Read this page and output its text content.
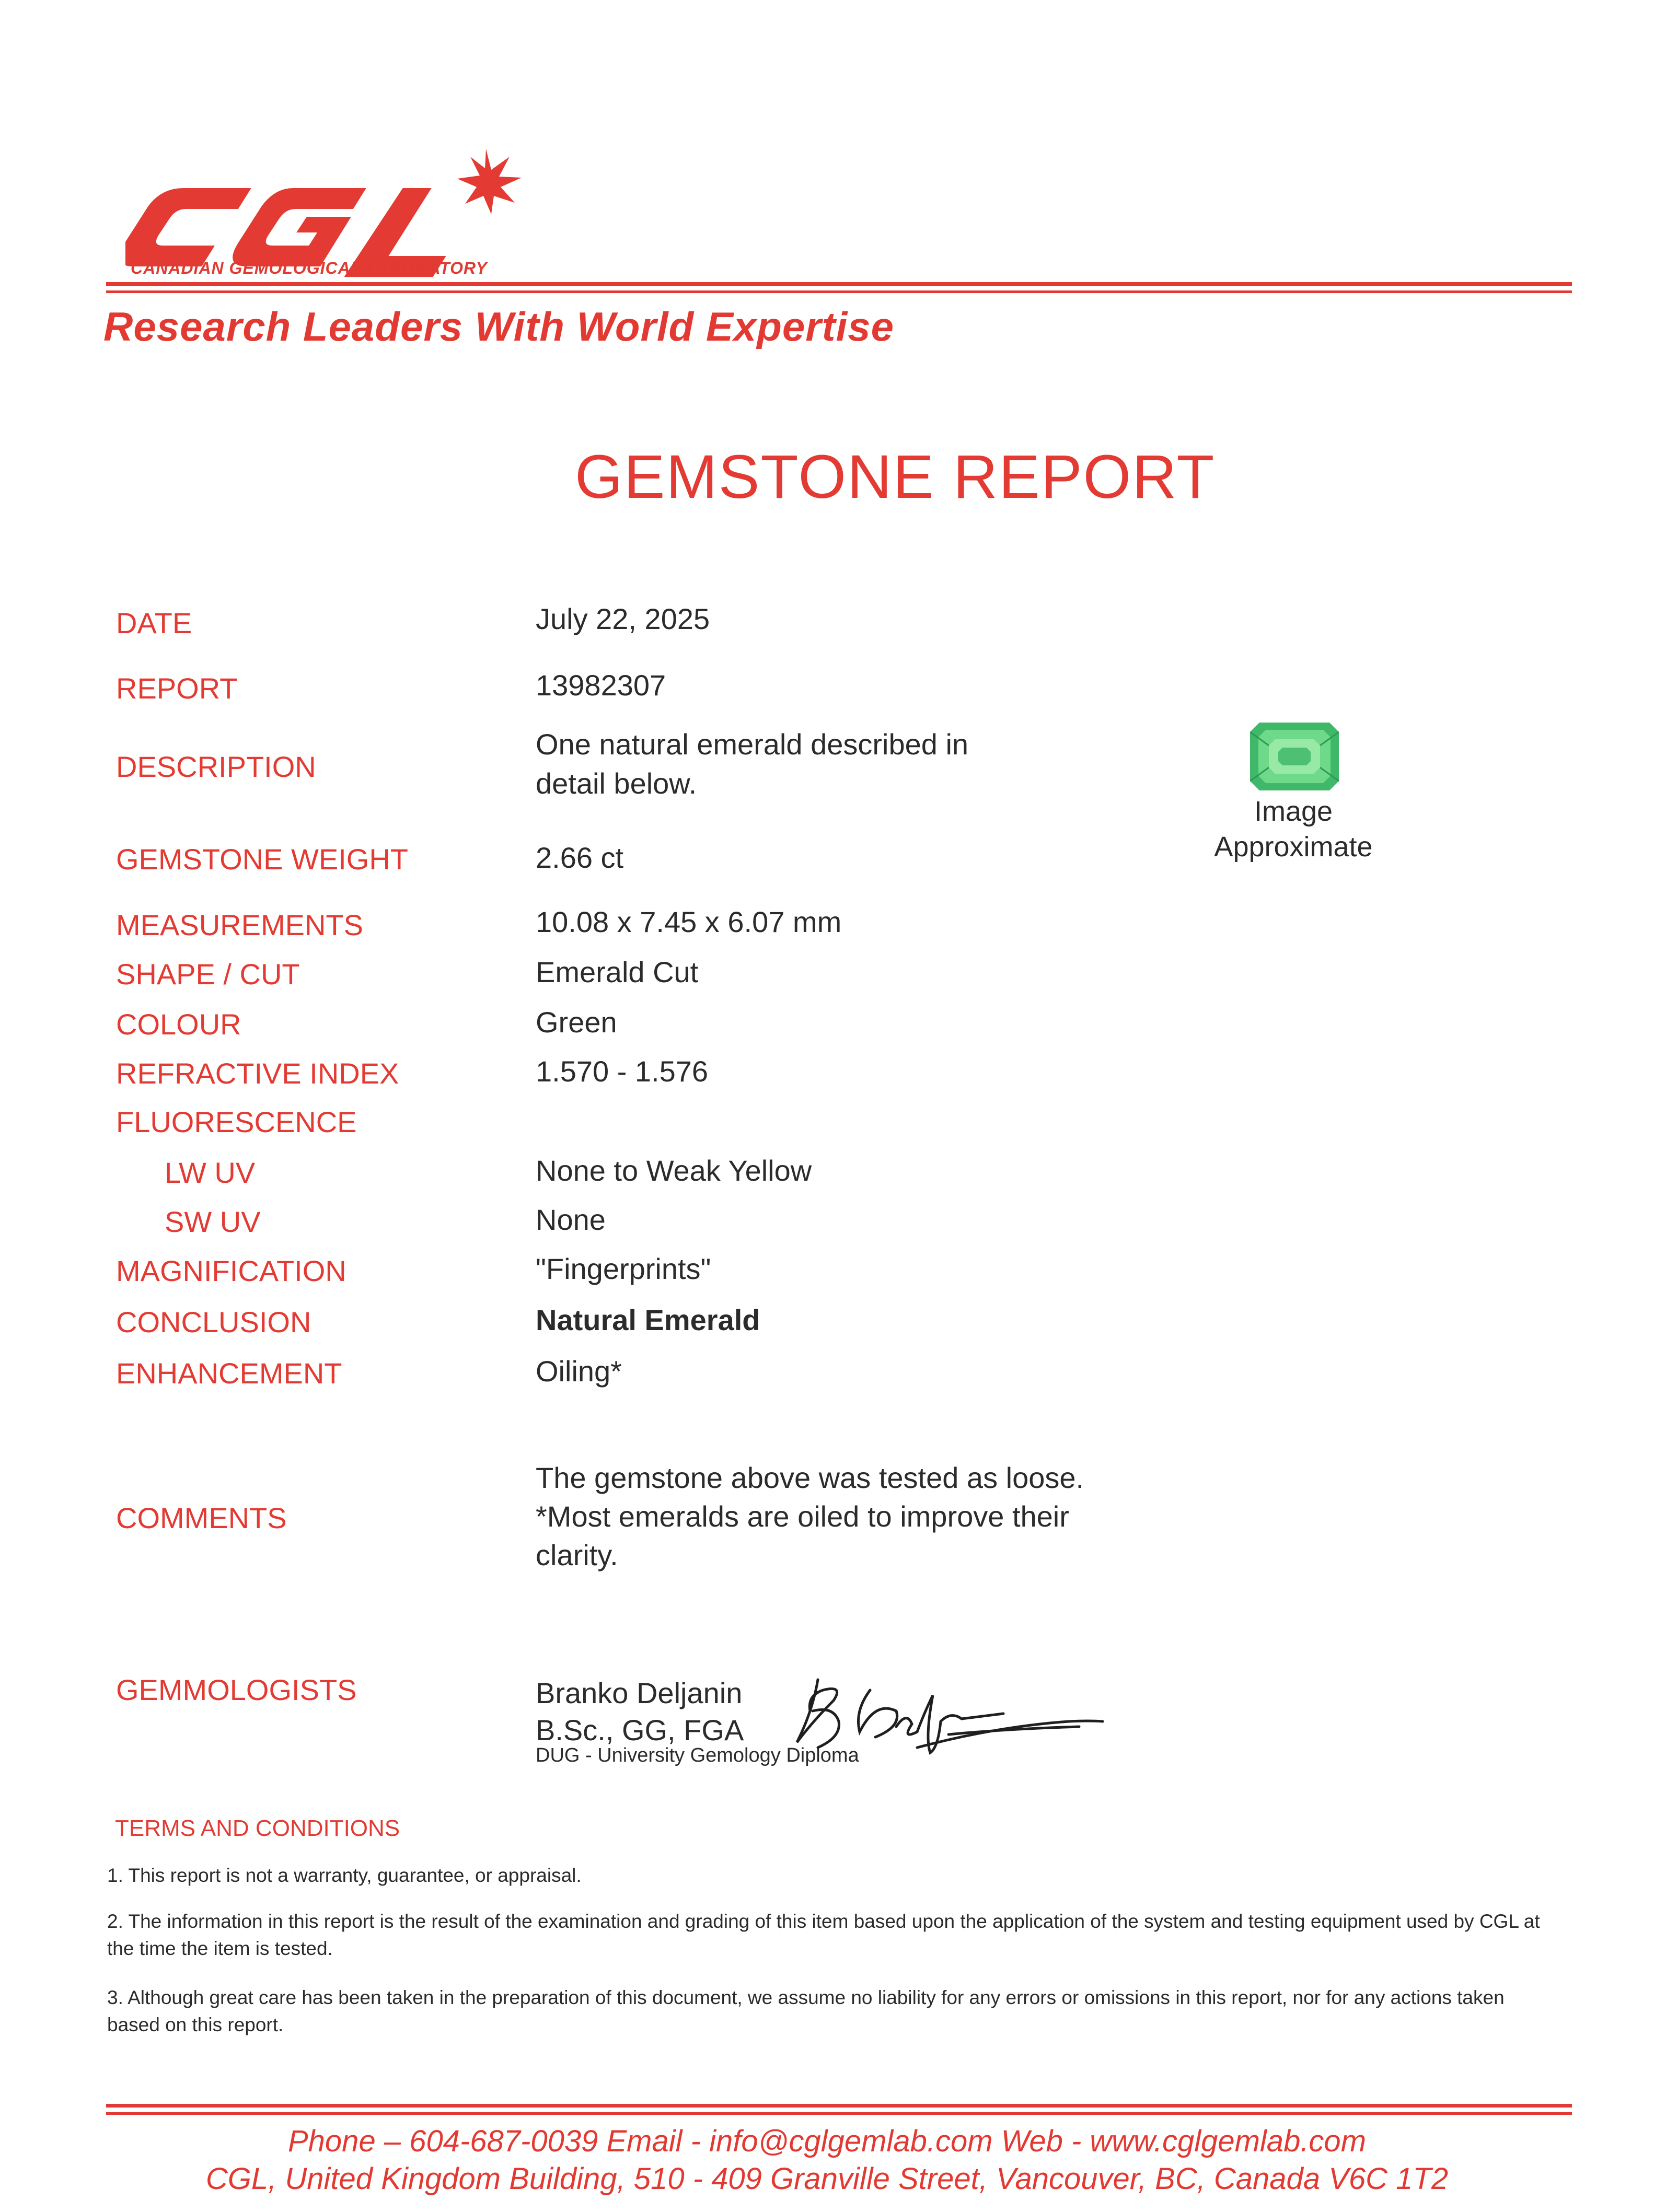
CANADIAN GEMOLOGICAL LABORATORY
Research Leaders With World Expertise
GEMSTONE REPORT
DATE	July 22, 2025
REPORT	13982307
DESCRIPTION
One natural emerald described in
detail below.
GEMSTONE WEIGHT	2.66 ct
MEASUREMENTS	10.08 x 7.45 x 6.07 mm
SHAPE / CUT	Emerald Cut
COLOUR	Green
REFRACTIVE INDEX	1.570 - 1.576
FLUORESCENCE
LW UV	None to Weak Yellow
SW UV	None
MAGNIFICATION	"Fingerprints"
CONCLUSION	Natural Emerald
ENHANCEMENT	Oiling*
COMMENTS
The gemstone above was tested as loose.
*Most emeralds are oiled to improve their
clarity.
GEMMOLOGISTS	Branko Deljanin
B.Sc., GG, FGA
DUG - University Gemology Diploma
Image
Approximate
TERMS AND CONDITIONS
1. This report is not a warranty, guarantee, or appraisal.
2. The information in this report is the result of the examination and grading of this item based upon the application of the system and testing equipment used by CGL at the time the item is tested.
3. Although great care has been taken in the preparation of this document, we assume no liability for any errors or omissions in this report, nor for any actions taken based on this report.
Phone – 604-687-0039 Email - info@cglgemlab.com Web - www.cglgemlab.com
CGL, United Kingdom Building, 510 - 409 Granville Street, Vancouver, BC, Canada V6C 1T2
